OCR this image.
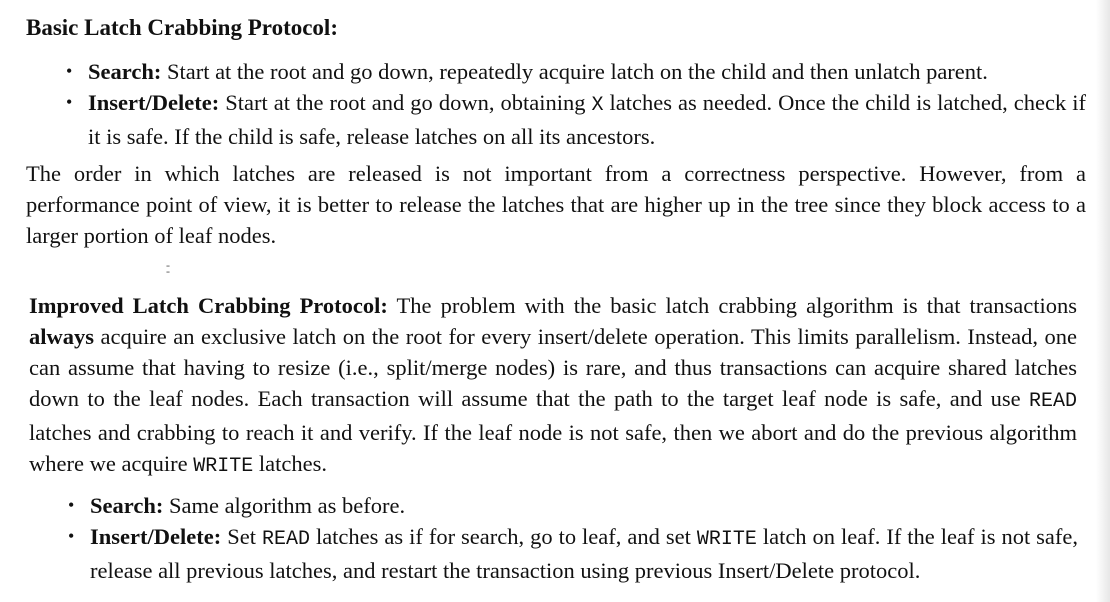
Basic Latch Crabbing Protocol:
• Search: Start at the root and go down, repeatedly acquire latch on the child and then unlatch parent.
• Insert/Delete: Start at the root and go down, obtaining X latches as needed. Once the child is latched, check if it is safe. If the child is safe, release latches on all its ancestors.

The order in which latches are released is not important from a correctness perspective. However, from a performance point of view, it is better to release the latches that are higher up in the tree since they block access to a larger portion of leaf nodes.

- -

Improved Latch Crabbing Protocol: The problem with the basic latch crabbing algorithm is that transactions always acquire an exclusive latch on the root for every insert/delete operation. This limits parallelism. Instead, one can assume that having to resize (i.e., split/merge nodes) is rare, and thus transactions can acquire shared latches down to the leaf nodes. Each transaction will assume that the path to the target leaf node is safe, and use READ latches and crabbing to reach it and verify. If the leaf node is not safe, then we abort and do the previous algorithm where we acquire WRITE latches.

• Search: Same algorithm as before.
• Insert/Delete: Set READ latches as if for search, go to leaf, and set WRITE latch on leaf. If the leaf is not safe, release all previous latches, and restart the transaction using previous Insert/Delete protocol.
